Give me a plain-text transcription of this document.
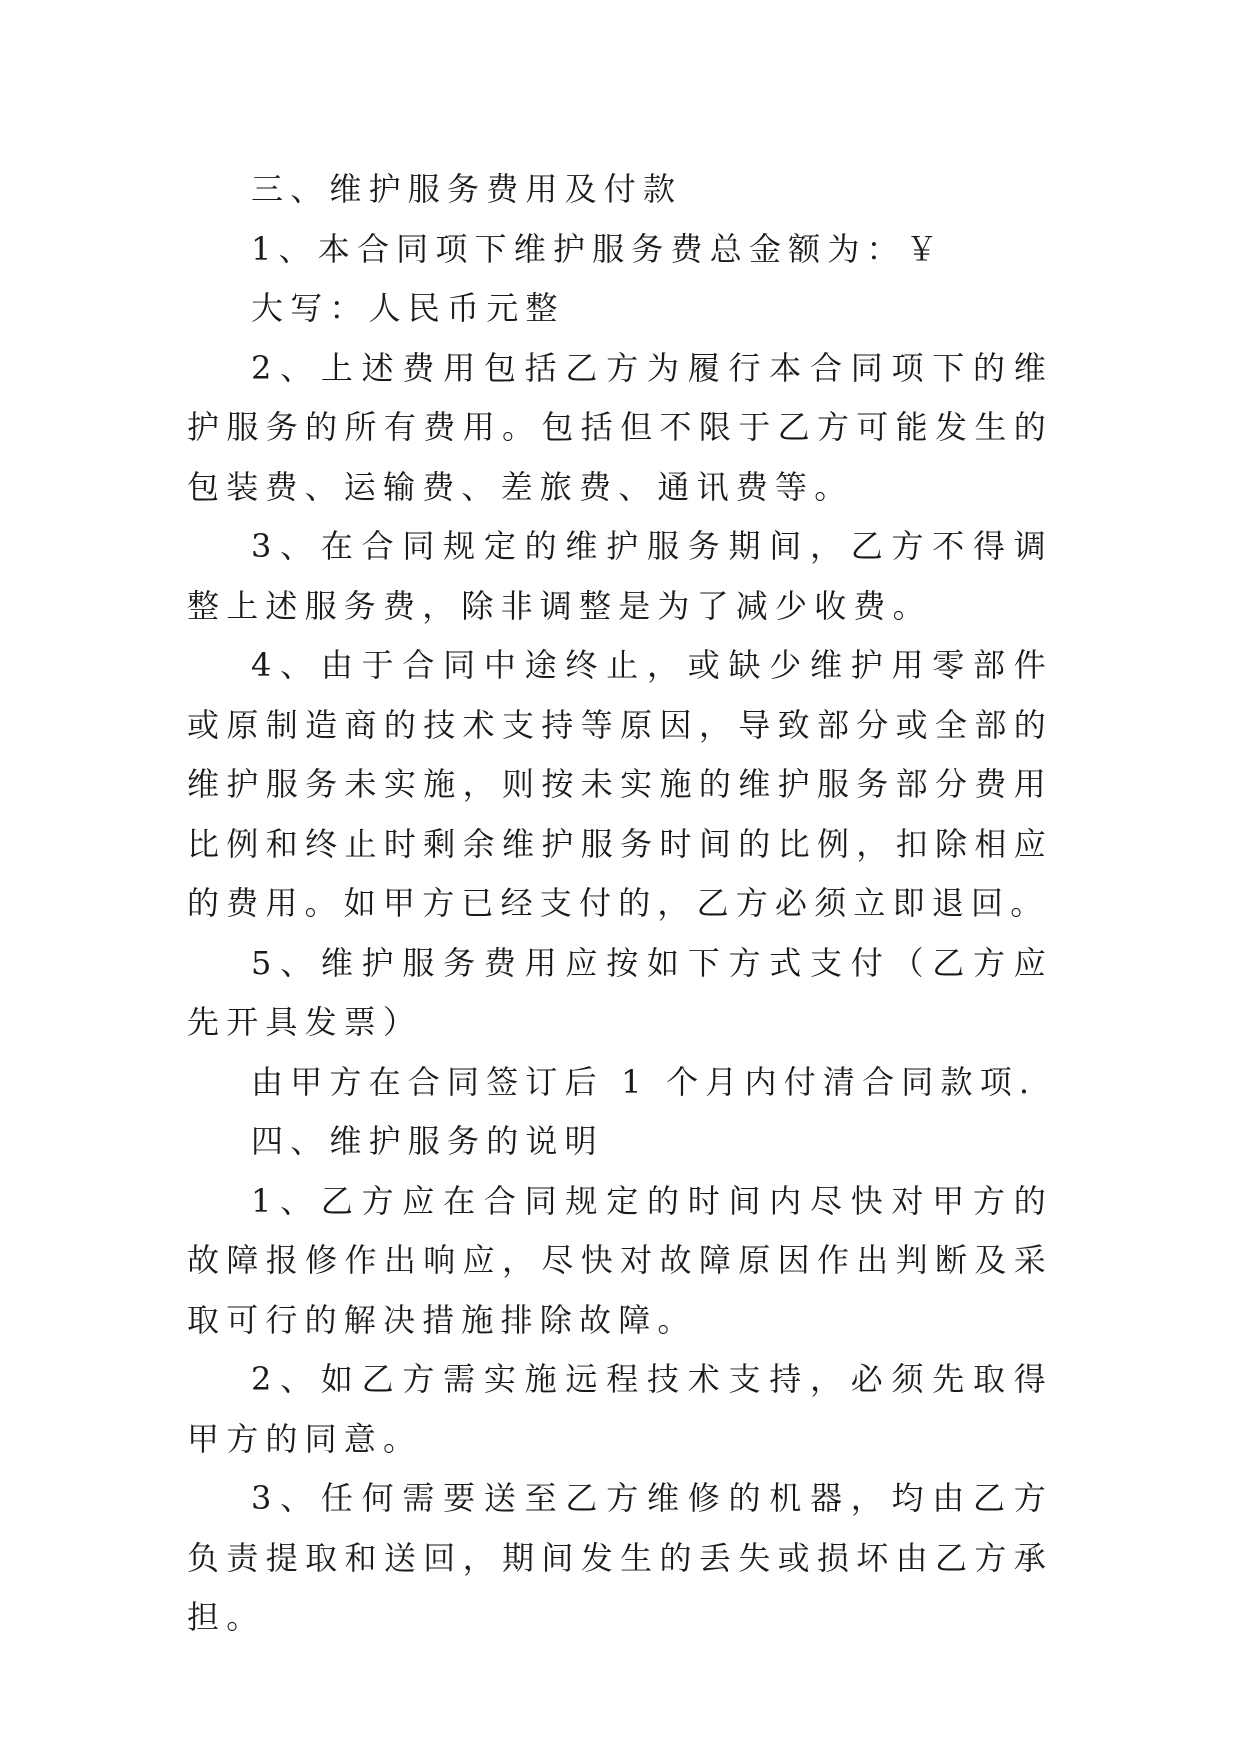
三、维护服务费用及付款

1、本合同项下维护服务费总金额为：￥

大写：人民币元整

2、上述费用包括乙方为履行本合同项下的维护服务的所有费用。包括但不限于乙方可能发生的包装费、运输费、差旅费、通讯费等。

3、在合同规定的维护服务期间，乙方不得调整上述服务费，除非调整是为了减少收费。

4、由于合同中途终止，或缺少维护用零部件或原制造商的技术支持等原因，导致部分或全部的维护服务未实施，则按未实施的维护服务部分费用比例和终止时剩余维护服务时间的比例，扣除相应的费用。如甲方已经支付的，乙方必须立即退回。

5、维护服务费用应按如下方式支付（乙方应先开具发票）

由甲方在合同签订后 1 个月内付清合同款项.

四、维护服务的说明

1、乙方应在合同规定的时间内尽快对甲方的故障报修作出响应，尽快对故障原因作出判断及采取可行的解决措施排除故障。

2、如乙方需实施远程技术支持，必须先取得甲方的同意。

3、任何需要送至乙方维修的机器，均由乙方负责提取和送回，期间发生的丢失或损坏由乙方承担。
